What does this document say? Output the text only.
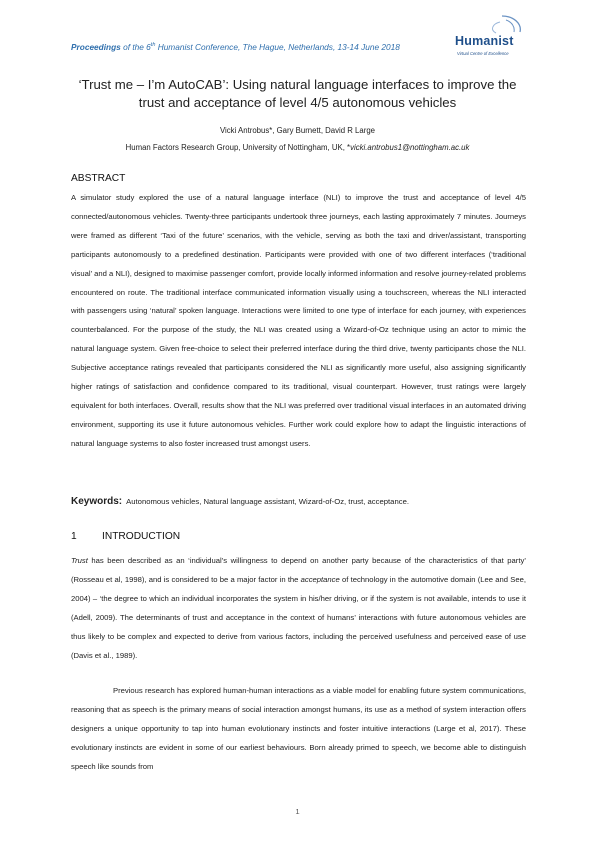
Proceedings of the 6th Humanist Conference, The Hague, Netherlands, 13-14 June 2018	Humanist
Virtual Centre of Excellence
‘Trust me – I’m AutoCAB’: Using natural language interfaces to improve the
trust and acceptance of level 4/5 autonomous vehicles
Vicki Antrobus*, Gary Burnett, David R Large
Human Factors Research Group, University of Nottingham, UK, *vicki.antrobus1@nottingham.ac.uk
ABSTRACT

A simulator study explored the use of a natural language interface (NLI) to improve the trust and acceptance of level 4/5 connected/autonomous vehicles. Twenty-three participants undertook three journeys, each lasting approximately 7 minutes. Journeys were framed as different ‘Taxi of the future’ scenarios, with the vehicle, serving as both the taxi and driver/assistant, transporting participants autonomously to a predefined destination. Participants were provided with one of two different interfaces (‘traditional visual’ and a NLI), designed to maximise passenger comfort, provide locally informed information and resolve journey-related problems encountered on route. The traditional interface communicated information visually using a touchscreen, whereas the NLI interacted with passengers using ‘natural’ spoken language. Interactions were limited to one type of interface for each journey, with experiences counterbalanced. For the purpose of the study, the NLI was created using a Wizard-of-Oz technique using an actor to mimic the natural language system. Given free-choice to select their preferred interface during the third drive, twenty participants chose the NLI. Subjective acceptance ratings revealed that participants considered the NLI as significantly more useful, also assigning significantly higher ratings of satisfaction and confidence compared to its traditional, visual counterpart. However, trust ratings were largely equivalent for both interfaces. Overall, results show that the NLI was preferred over traditional visual interfaces in an automated driving environment, supporting its use it future autonomous vehicles. Further work could explore how to adapt the linguistic interactions of natural language systems to also foster increased trust amongst users.

Keywords: Autonomous vehicles, Natural language assistant, Wizard-of-Oz, trust, acceptance.
1 INTRODUCTION

Trust has been described as an ‘individual’s willingness to depend on another party because of the characteristics of that party’ (Rosseau et al, 1998), and is considered to be a major factor in the acceptance of technology in the automotive domain (Lee and See, 2004) – ‘the degree to which an individual incorporates the system in his/her driving, or if the system is not available, intends to use it (Adell, 2009). The determinants of trust and acceptance in the context of humans’ interactions with future autonomous vehicles are thus likely to be complex and expected to derive from various factors, including the perceived usefulness and perceived ease of use (Davis et al., 1989).

Previous research has explored human-human interactions as a viable model for enabling future system communications, reasoning that as speech is the primary means of social interaction amongst humans, its use as a method of system interaction offers designers a unique opportunity to tap into human evolutionary instincts and foster intuitive interactions (Large et al, 2017). These evolutionary instincts are evident in some of our earliest behaviours. Born already primed to speech, we become able to distinguish speech like sounds from

1
